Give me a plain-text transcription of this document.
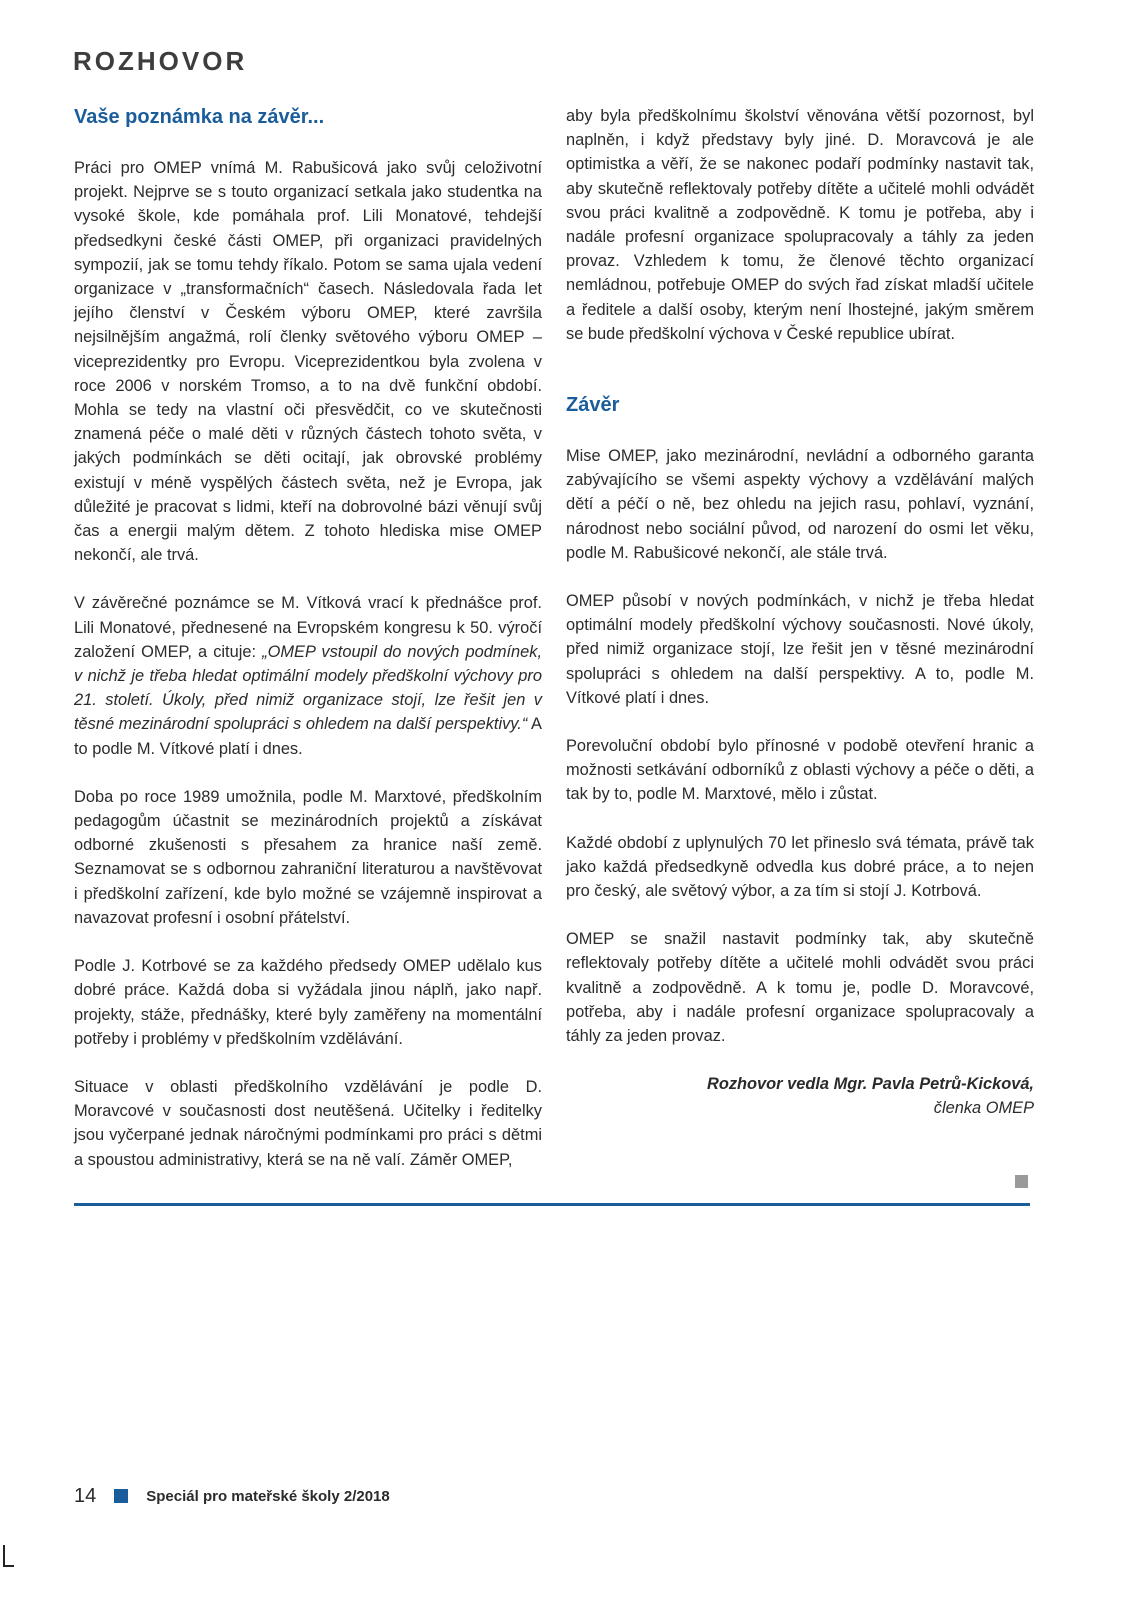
ROZHOVOR
Vaše poznámka na závěr...

Práci pro OMEP vnímá M. Rabušicová jako svůj celoživotní projekt. Nejprve se s touto organizací setkala jako studentka na vysoké škole, kde pomáhala prof. Lili Monatové, tehdejší předsedkyni české části OMEP, při organizaci pravidelných sympozií, jak se tomu tehdy říkalo. Potom se sama ujala vedení organizace v „transformačních“ časech. Následovala řada let jejího členství v Českém výboru OMEP, které završila nejsilnějším angažmá, rolí členky světového výboru OMEP – viceprezidentky pro Evropu. Viceprezidentkou byla zvolena v roce 2006 v norském Tromso, a to na dvě funkční období. Mohla se tedy na vlastní oči přesvědčit, co ve skutečnosti znamená péče o malé děti v různých částech tohoto světa, v jakých podmínkách se děti ocitají, jak obrovské problémy existují v méně vyspělých částech světa, než je Evropa, jak důležité je pracovat s lidmi, kteří na dobrovolné bázi věnují svůj čas a energii malým dětem. Z tohoto hlediska mise OMEP nekončí, ale trvá.

V závěrečné poznámce se M. Vítková vrací k přednášce prof. Lili Monatové, přednesené na Evropském kongresu k 50. výročí založení OMEP, a cituje: „OMEP vstoupil do nových podmínek, v nichž je třeba hledat optimální modely předškolní výchovy pro 21. století. Úkoly, před nimiž organizace stojí, lze řešit jen v těsné mezinárodní spolupráci s ohledem na další perspektivy.“ A to podle M. Vítkové platí i dnes.

Doba po roce 1989 umožnila, podle M. Marxtové, předškolním pedagogům účastnit se mezinárodních projektů a získávat odborné zkušenosti s přesahem za hranice naší země. Seznamovat se s odbornou zahraniční literaturou a navštěvovat i předškolní zařízení, kde bylo možné se vzájemně inspirovat a navazovat profesní i osobní přátelství.

Podle J. Kotrbové se za každého předsedy OMEP udělalo kus dobré práce. Každá doba si vyžádala jinou náplň, jako např. projekty, stáže, přednášky, které byly zaměřeny na momentální potřeby i problémy v předškolním vzdělávání.

Situace v oblasti předškolního vzdělávání je podle D. Moravcové v současnosti dost neutěšená. Učitelky i ředitelky jsou vyčerpané jednak náročnými podmínkami pro práci s dětmi a spoustou administrativy, která se na ně valí. Záměr OMEP,

aby byla předškolnímu školství věnována větší pozornost, byl naplněn, i když představy byly jiné. D. Moravcová je ale optimistka a věří, že se nakonec podaří podmínky nastavit tak, aby skutečně reflektovaly potřeby dítěte a učitelé mohli odvádět svou práci kvalitně a zodpovědně. K tomu je potřeba, aby i nadále profesní organizace spolupracovaly a táhly za jeden provaz. Vzhledem k tomu, že členové těchto organizací nemládnou, potřebuje OMEP do svých řad získat mladší učitele a ředitele a další osoby, kterým není lhostejné, jakým směrem se bude předškolní výchova v České republice ubírat.

Závěr

Mise OMEP, jako mezinárodní, nevládní a odborného garanta zabývajícího se všemi aspekty výchovy a vzdělávání malých dětí a péčí o ně, bez ohledu na jejich rasu, pohlaví, vyznání, národnost nebo sociální původ, od narození do osmi let věku, podle M. Rabušicové nekončí, ale stále trvá.

OMEP působí v nových podmínkách, v nichž je třeba hledat optimální modely předškolní výchovy současnosti. Nové úkoly, před nimiž organizace stojí, lze řešit jen v těsné mezinárodní spolupráci s ohledem na další perspektivy. A to, podle M. Vítkové platí i dnes.

Porevoluční období bylo přínosné v podobě otevření hranic a možnosti setkávání odborníků z oblasti výchovy a péče o děti, a tak by to, podle M. Marxtové, mělo i zůstat.

Každé období z uplynulých 70 let přineslo svá témata, právě tak jako každá předsedkyně odvedla kus dobré práce, a to nejen pro český, ale světový výbor, a za tím si stojí J. Kotrbová.

OMEP se snažil nastavit podmínky tak, aby skutečně reflektovaly potřeby dítěte a učitelé mohli odvádět svou práci kvalitně a zodpovědně. A k tomu je, podle D. Moravcové, potřeba, aby i nadále profesní organizace spolupracovaly a táhly za jeden provaz.

Rozhovor vedla Mgr. Pavla Petrů-Kicková,
členka OMEP
14	Speciál pro mateřské školy 2/2018
